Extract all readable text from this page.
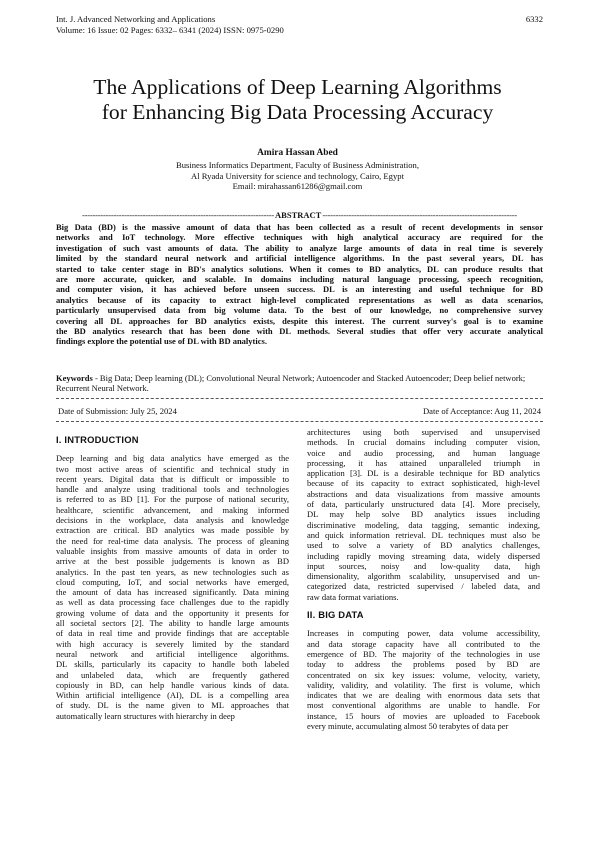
Int. J. Advanced Networking and Applications
Volume: 16 Issue: 02 Pages: 6332– 6341 (2024) ISSN: 0975-0290
6332
The Applications of Deep Learning Algorithms
for Enhancing Big Data Processing Accuracy
Amira Hassan Abed
Business Informatics Department, Faculty of Business Administration,
Al Ryada University for science and technology, Cairo, Egypt
Email: mirahassan61286@gmail.com
-------------------------------------------------------------------------ABSTRACT--------------------------------------------------------------------------
Big Data (BD) is the massive amount of data that has been collected as a result of recent developments in sensor
networks and IoT technology. More effective techniques with high analytical accuracy are required for the
investigation of such vast amounts of data. The ability to analyze large amounts of data in real time is severely
limited by the standard neural network and artificial intelligence algorithms. In the past several years, DL has
started to take center stage in BD's analytics solutions. When it comes to BD analytics, DL can produce results that
are more accurate, quicker, and scalable. In domains including natural language processing, speech recognition,
and computer vision, it has achieved before unseen success. DL is an interesting and useful technique for BD
analytics because of its capacity to extract high-level complicated representations as well as data scenarios,
particularly unsupervised data from big volume data. To the best of our knowledge, no comprehensive survey
covering all DL approaches for BD analytics exists, despite this interest. The current survey's goal is to examine
the BD analytics research that has been done with DL methods. Several studies that offer very accurate analytical
findings explore the potential use of DL with BD analytics.
Keywords - Big Data; Deep learning (DL); Convolutional Neural Network; Autoencoder and Stacked Autoencoder; Deep belief network; Recurrent Neural Network.
Date of Submission: July 25, 2024	Date of Acceptance: Aug 11, 2024
I. INTRODUCTION
Deep learning and big data analytics have emerged as the
two most active areas of scientific and technical study in
recent years. Digital data that is difficult or impossible to
handle and analyze using traditional tools and technologies
is referred to as BD [1]. For the purpose of national security,
healthcare, scientific advancement, and making informed
decisions in the workplace, data analysis and knowledge
extraction are critical. BD analytics was made possible by
the need for real-time data analysis. The process of gleaning
valuable insights from massive amounts of data in order to
arrive at the best possible judgements is known as BD
analytics. In the past ten years, as new technologies such as
cloud computing, IoT, and social networks have emerged,
the amount of data has increased significantly. Data mining
as well as data processing face challenges due to the rapidly
growing volume of data and the opportunity it presents for
all societal sectors [2]. The ability to handle large amounts
of data in real time and provide findings that are acceptable
with high accuracy is severely limited by the standard
neural network and artificial intelligence algorithms.
DL skills, particularly its capacity to handle both labeled
and unlabeled data, which are frequently gathered
copiously in BD, can help handle various kinds of data.
Within artificial intelligence (AI), DL is a compelling area
of study. DL is the name given to ML approaches that
automatically learn structures with hierarchy in deep
architectures using both supervised and unsupervised
methods. In crucial domains including computer vision,
voice and audio processing, and human language
processing, it has attained unparalleled triumph in
application [3]. DL is a desirable technique for BD analytics
because of its capacity to extract sophisticated, high-level
abstractions and data visualizations from massive amounts
of data, particularly unstructured data [4]. More precisely,
DL may help solve BD analytics issues including
discriminative modeling, data tagging, semantic indexing,
and quick information retrieval. DL techniques must also be
used to solve a variety of BD analytics challenges,
including rapidly moving streaming data, widely dispersed
input sources, noisy and low-quality data, high
dimensionality, algorithm scalability, unsupervised and un-
categorized data, restricted supervised / labeled data, and
raw data format variations.
II. BIG DATA
Increases in computing power, data volume accessibility,
and data storage capacity have all contributed to the
emergence of BD. The majority of the technologies in use
today to address the problems posed by BD are
concentrated on six key issues: volume, velocity, variety,
validity, validity, and volatility. The first is volume, which
indicates that we are dealing with enormous data sets that
most conventional algorithms are unable to handle. For
instance, 15 hours of movies are uploaded to Facebook
every minute, accumulating almost 50 terabytes of data per
